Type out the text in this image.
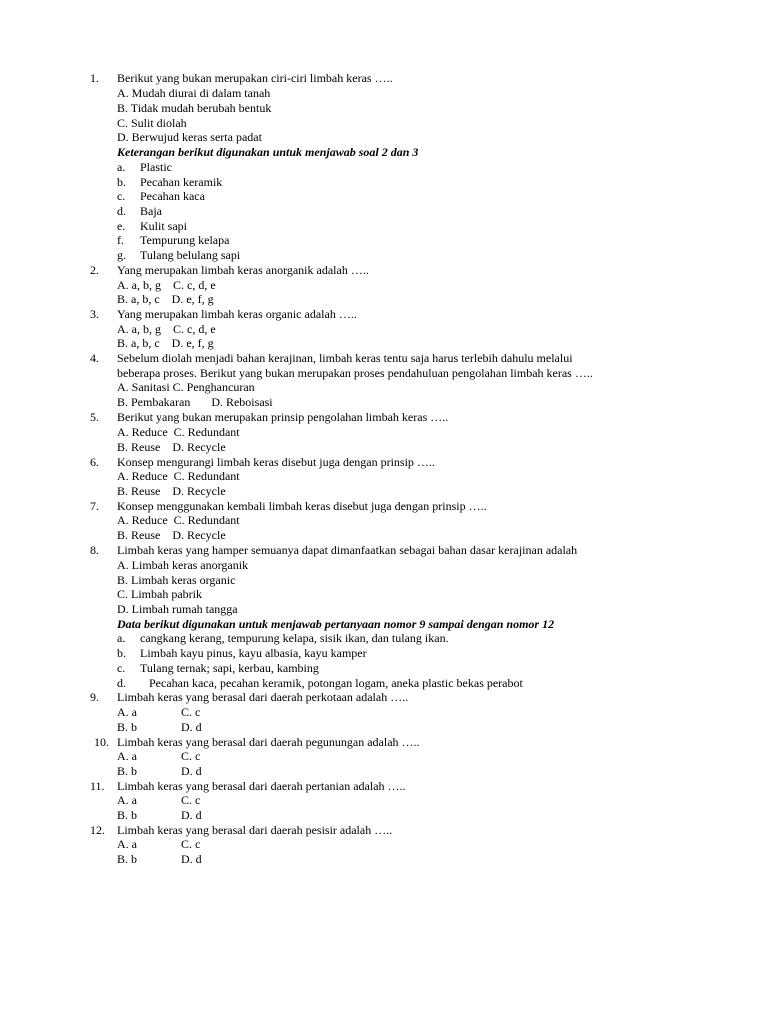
1. Berikut yang bukan merupakan ciri-ciri limbah keras …..
A. Mudah diurai di dalam tanah
B. Tidak mudah berubah bentuk
C. Sulit diolah
D. Berwujud keras serta padat
Keterangan berikut digunakan untuk menjawab soal 2 dan 3
a. Plastic
b. Pecahan keramik
c. Pecahan kaca
d. Baja
e. Kulit sapi
f. Tempurung kelapa
g. Tulang belulang sapi
2. Yang merupakan limbah keras anorganik adalah …..
A. a, b, g    C. c, d, e
B. a, b, c    D. e, f, g
3. Yang merupakan limbah keras organic adalah …..
A. a, b, g    C. c, d, e
B. a, b, c    D. e, f, g
4. Sebelum diolah menjadi bahan kerajinan, limbah keras tentu saja harus terlebih dahulu melalui
beberapa proses. Berikut yang bukan merupakan proses pendahuluan pengolahan limbah keras …..
A. Sanitasi C. Penghancuran
B. Pembakaran       D. Reboisasi
5. Berikut yang bukan merupakan prinsip pengolahan limbah keras …..
A. Reduce  C. Redundant
B. Reuse    D. Recycle
6. Konsep mengurangi limbah keras disebut juga dengan prinsip …..
A. Reduce  C. Redundant
B. Reuse    D. Recycle
7. Konsep menggunakan kembali limbah keras disebut juga dengan prinsip …..
A. Reduce  C. Redundant
B. Reuse    D. Recycle
8. Limbah keras yang hamper semuanya dapat dimanfaatkan sebagai bahan dasar kerajinan adalah
A. Limbah keras anorganik
B. Limbah keras organic
C. Limbah pabrik
D. Limbah rumah tangga
Data berikut digunakan untuk menjawab pertanyaan nomor 9 sampai dengan nomor 12
a. cangkang kerang, tempurung kelapa, sisik ikan, dan tulang ikan.
b. Limbah kayu pinus, kayu albasia, kayu kamper
c. Tulang ternak; sapi, kerbau, kambing
d. Pecahan kaca, pecahan keramik, potongan logam, aneka plastic bekas perabot
9. Limbah keras yang berasal dari daerah perkotaan adalah …..
A. a	C. c
B. b	D. d
10. Limbah keras yang berasal dari daerah pegunungan adalah …..
A. a	C. c
B. b	D. d
11. Limbah keras yang berasal dari daerah pertanian adalah …..
A. a	C. c
B. b	D. d
12. Limbah keras yang berasal dari daerah pesisir adalah …..
A. a	C. c
B. b	D. d
